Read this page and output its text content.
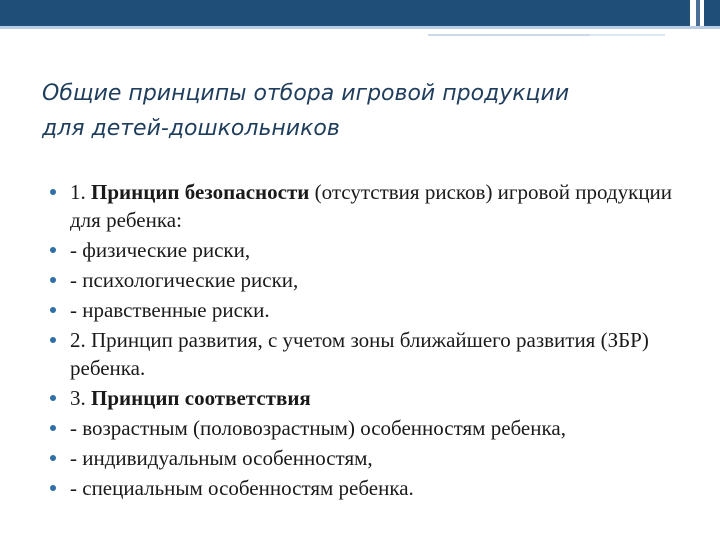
Общие принципы отбора игровой продукции
для детей-дошкольников
1. Принцип безопасности (отсутствия рисков) игровой продукции для ребенка:
- физические риски,
- психологические риски,
- нравственные риски.
2. Принцип развития, с учетом зоны ближайшего развития (ЗБР) ребенка.
3. Принцип соответствия
- возрастным (половозрастным) особенностям ребенка,
- индивидуальным особенностям,
- специальным особенностям ребенка.
